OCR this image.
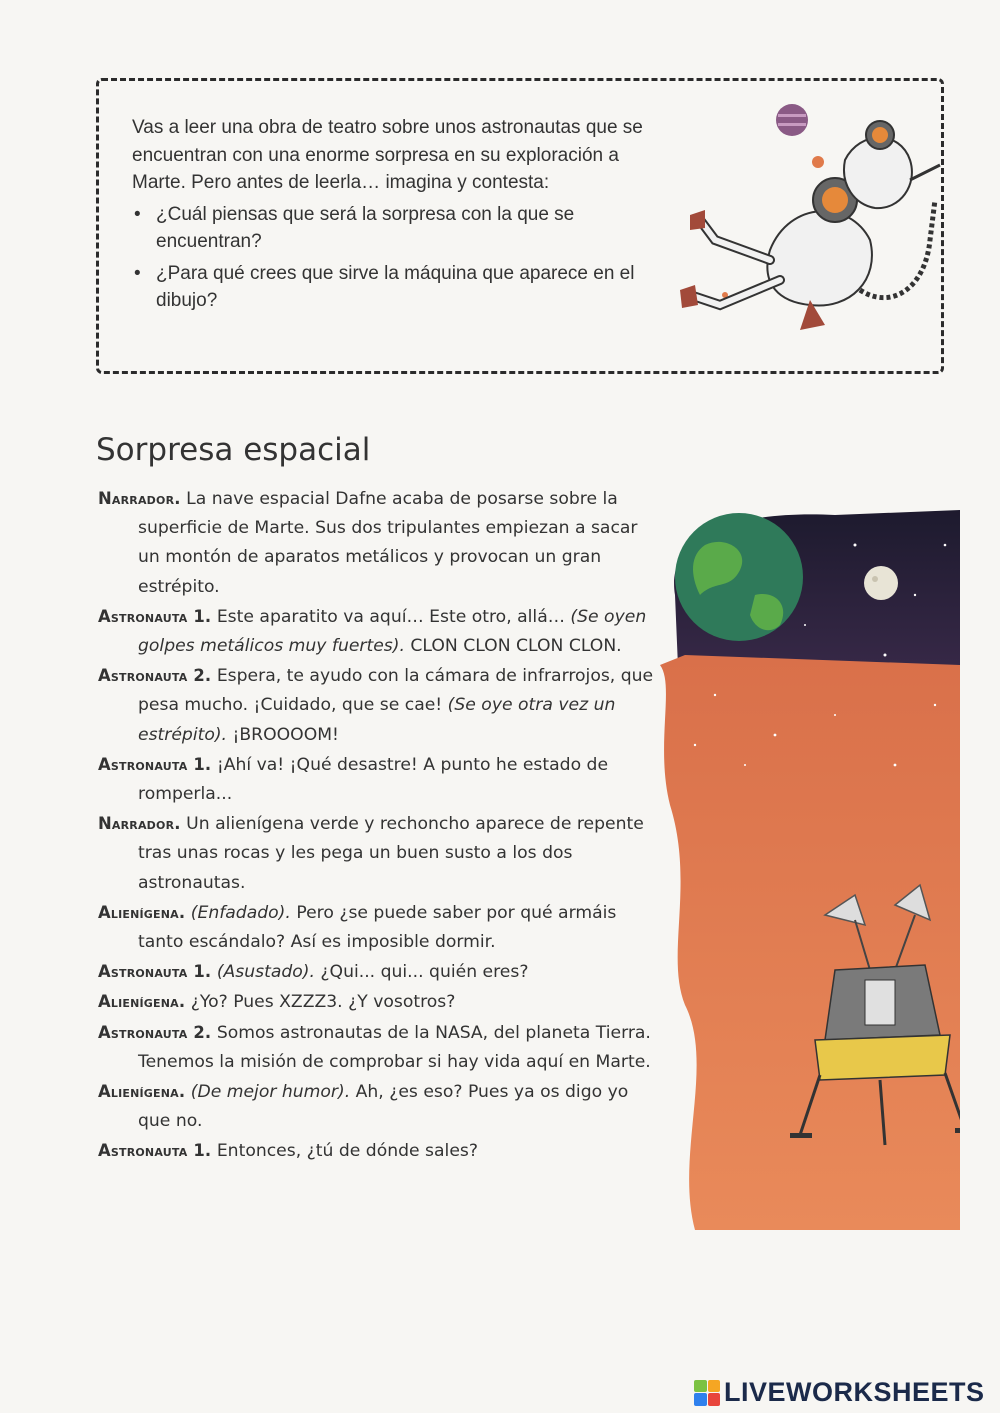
Vas a leer una obra de teatro sobre unos astronautas que se encuentran con una enorme sorpresa en su exploración a Marte. Pero antes de leerla… imagina y contesta:

• ¿Cuál piensas que será la sorpresa con la que se encuentran?
• ¿Para qué crees que sirve la máquina que aparece en el dibujo?
Sorpresa espacial

Narrador. La nave espacial Dafne acaba de posarse sobre la superficie de Marte. Sus dos tripulantes empiezan a sacar un montón de aparatos metálicos y provocan un gran estrépito.

Astronauta 1. Este aparatito va aquí… Este otro, allá… (Se oyen golpes metálicos muy fuertes). CLON CLON CLON CLON.

Astronauta 2. Espera, te ayudo con la cámara de infrarrojos, que pesa mucho. ¡Cuidado, que se cae! (Se oye otra vez un estrépito). ¡BROOOOM!

Astronauta 1. ¡Ahí va! ¡Qué desastre! A punto he estado de romperla...

Narrador. Un alienígena verde y rechoncho aparece de repente tras unas rocas y les pega un buen susto a los dos astronautas.

Alienígena. (Enfadado). Pero ¿se puede saber por qué armáis tanto escándalo? Así es imposible dormir.

Astronauta 1. (Asustado). ¿Qui... qui... quién eres?

Alienígena. ¿Yo? Pues XZZZ3. ¿Y vosotros?

Astronauta 2. Somos astronautas de la NASA, del planeta Tierra. Tenemos la misión de comprobar si hay vida aquí en Marte.

Alienígena. (De mejor humor). Ah, ¿es eso? Pues ya os digo yo que no.

Astronauta 1. Entonces, ¿tú de dónde sales?

LIVEWORKSHEETS
